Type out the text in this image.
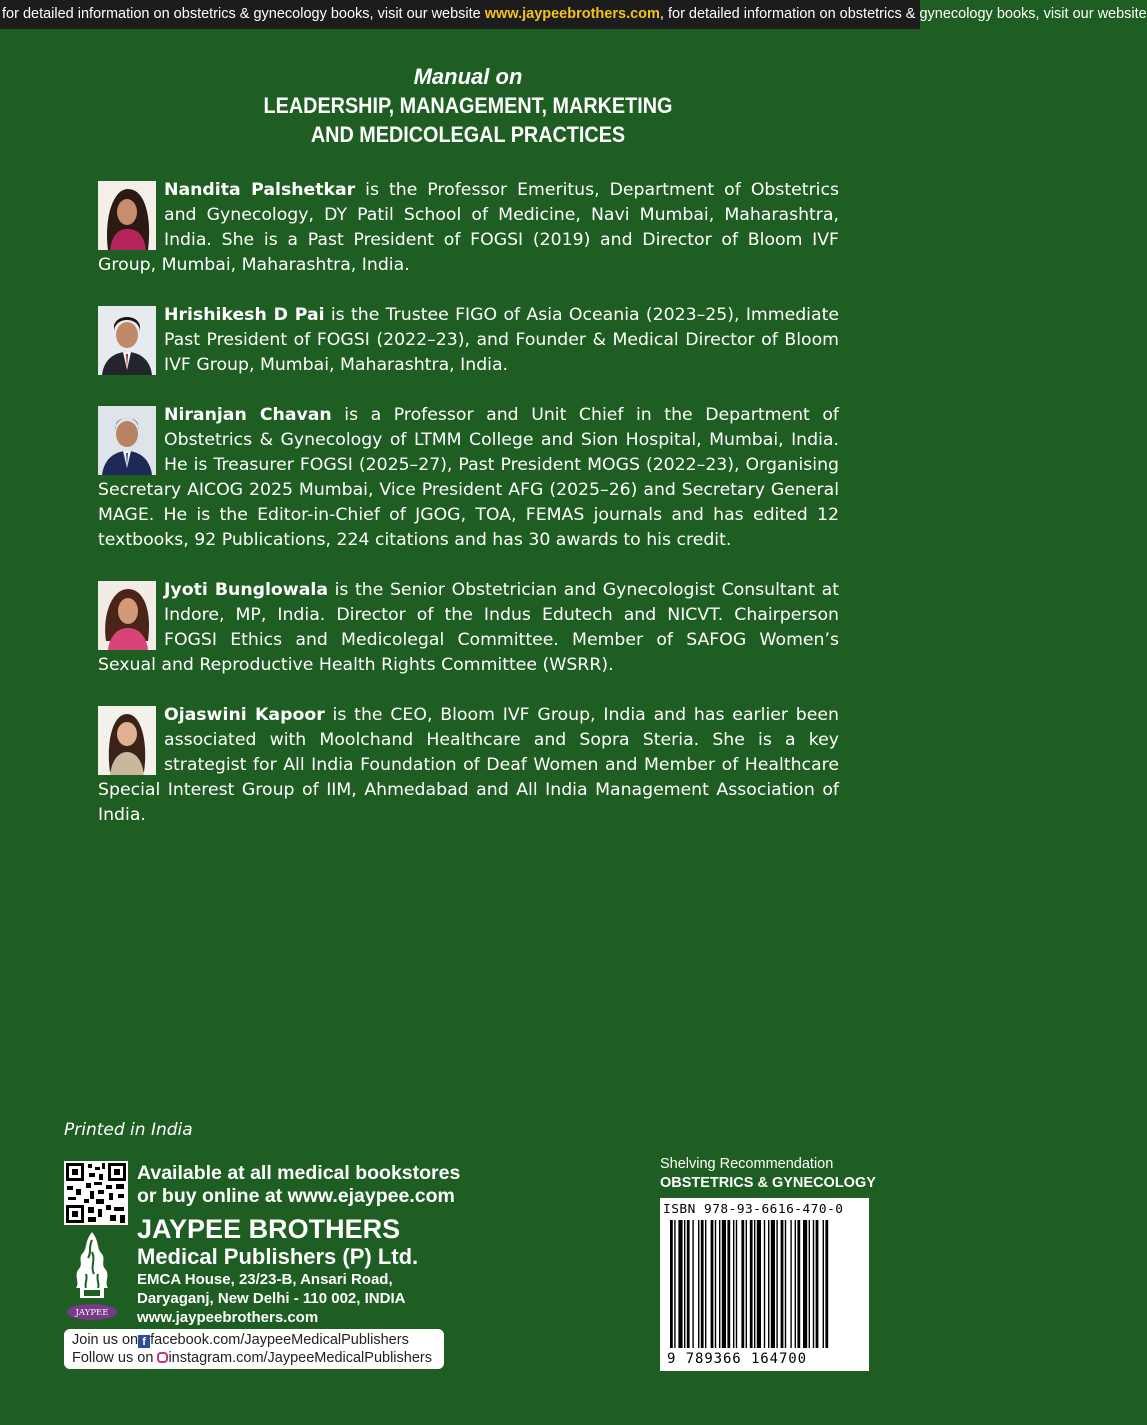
for detailed information on obstetrics & gynecology books, visit our website www.jaypeebrothers.com, for detailed information on obstetrics & gynecology books, visit our website
Manual on
LEADERSHIP, MANAGEMENT, MARKETING
AND MEDICOLEGAL PRACTICES
Nandita Palshetkar is the Professor Emeritus, Department of Obstetrics and Gynecology, DY Patil School of Medicine, Navi Mumbai, Maharashtra, India. She is a Past President of FOGSI (2019) and Director of Bloom IVF Group, Mumbai, Maharashtra, India.
Hrishikesh D Pai is the Trustee FIGO of Asia Oceania (2023–25), Immediate Past President of FOGSI (2022–23), and Founder & Medical Director of Bloom IVF Group, Mumbai, Maharashtra, India.
Niranjan Chavan is a Professor and Unit Chief in the Department of Obstetrics & Gynecology of LTMM College and Sion Hospital, Mumbai, India. He is Treasurer FOGSI (2025–27), Past President MOGS (2022–23), Organising Secretary AICOG 2025 Mumbai, Vice President AFG (2025–26) and Secretary General MAGE. He is the Editor-in-Chief of JGOG, TOA, FEMAS journals and has edited 12 textbooks, 92 Publications, 224 citations and has 30 awards to his credit.
Jyoti Bunglowala is the Senior Obstetrician and Gynecologist Consultant at Indore, MP, India. Director of the Indus Edutech and NICVT. Chairperson FOGSI Ethics and Medicolegal Committee. Member of SAFOG Women’s Sexual and Reproductive Health Rights Committee (WSRR).
Ojaswini Kapoor is the CEO, Bloom IVF Group, India and has earlier been associated with Moolchand Healthcare and Sopra Steria. She is a key strategist for All India Foundation of Deaf Women and Member of Healthcare Special Interest Group of IIM, Ahmedabad and All India Management Association of India.
Printed in India
Available at all medical bookstores
or buy online at www.ejaypee.com
JAYPEE
JAYPEE BROTHERS
Medical Publishers (P) Ltd.
EMCA House, 23/23-B, Ansari Road,
Daryaganj, New Delhi - 110 002, INDIA
www.jaypeebrothers.com
Join us on f facebook.com/JaypeeMedicalPublishers
Follow us on instagram.com/JaypeeMedicalPublishers
Shelving Recommendation
OBSTETRICS & GYNECOLOGY
ISBN 978-93-6616-470-0
9 789366 164700
